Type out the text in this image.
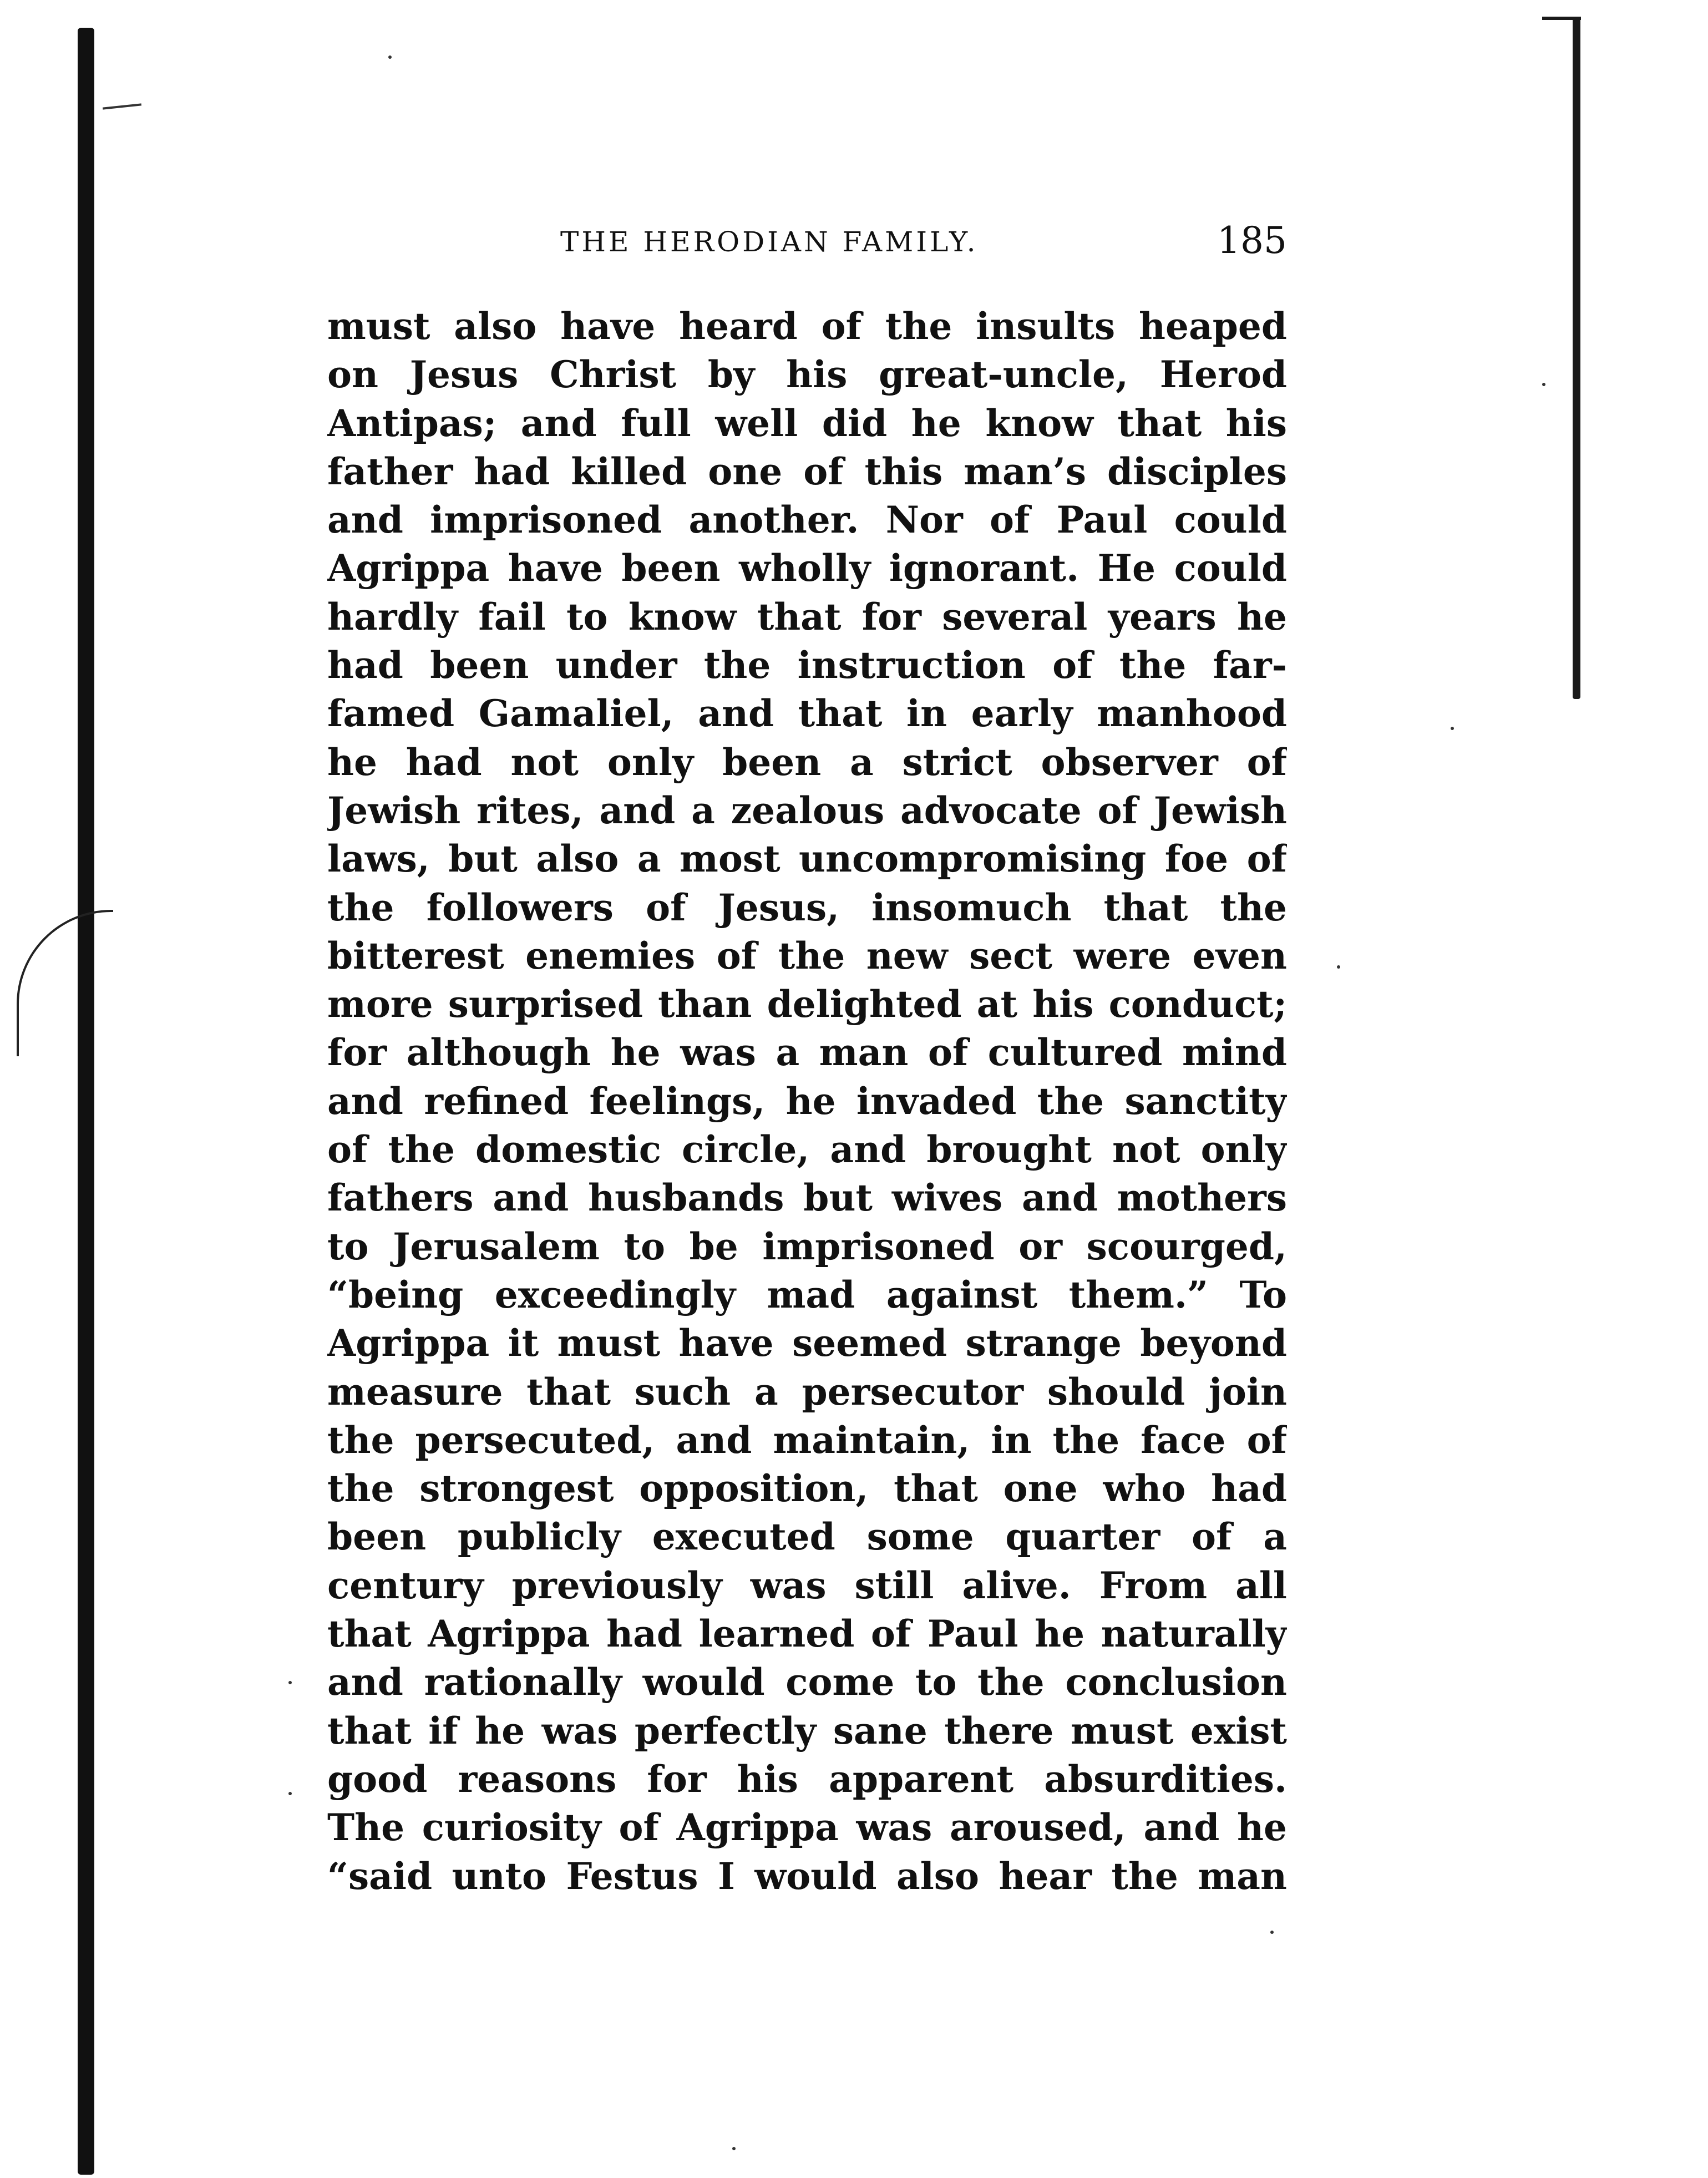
THE HERODIAN FAMILY.	185
must also have heard of the insults heaped
on Jesus Christ by his great-uncle, Herod
Antipas; and full well did he know that his
father had killed one of this man’s disciples
and imprisoned another. Nor of Paul could
Agrippa have been wholly ignorant. He could
hardly fail to know that for several years he
had been under the instruction of the far-
famed Gamaliel, and that in early manhood
he had not only been a strict observer of
Jewish rites, and a zealous advocate of Jewish
laws, but also a most uncompromising foe of
the followers of Jesus, insomuch that the
bitterest enemies of the new sect were even
more surprised than delighted at his conduct;
for although he was a man of cultured mind
and refined feelings, he invaded the sanctity
of the domestic circle, and brought not only
fathers and husbands but wives and mothers
to Jerusalem to be imprisoned or scourged,
“being exceedingly mad against them.” To
Agrippa it must have seemed strange beyond
measure that such a persecutor should join
the persecuted, and maintain, in the face of
the strongest opposition, that one who had
been publicly executed some quarter of a
century previously was still alive. From all
that Agrippa had learned of Paul he naturally
and rationally would come to the conclusion
that if he was perfectly sane there must exist
good reasons for his apparent absurdities.
The curiosity of Agrippa was aroused, and he
“said unto Festus I would also hear the man
